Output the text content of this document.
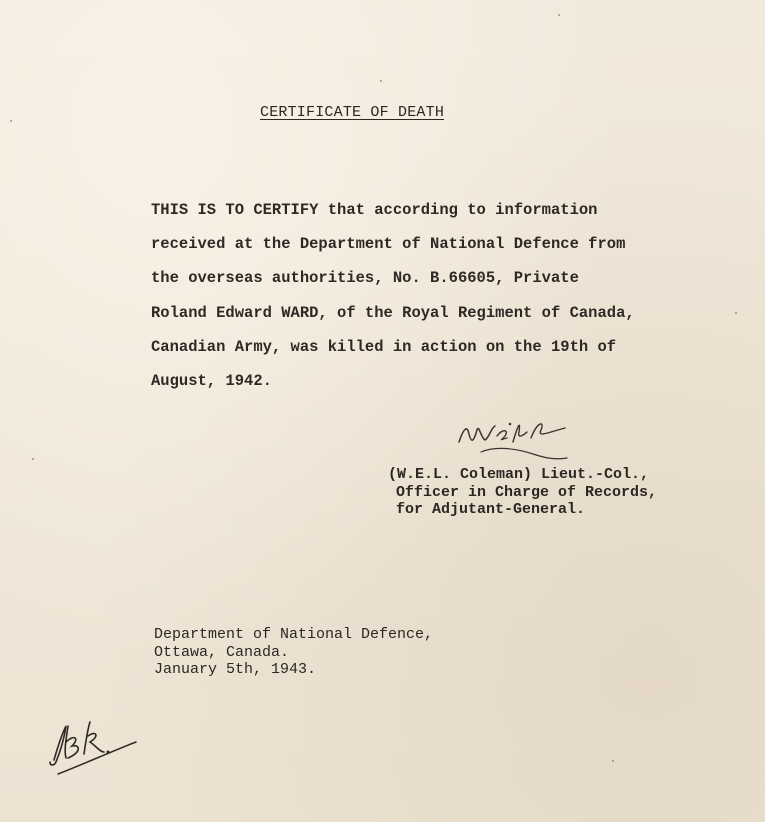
CERTIFICATE OF DEATH
THIS IS TO CERTIFY that according to information
received at the Department of National Defence from
the overseas authorities, No. B.66605, Private
Roland Edward WARD, of the Royal Regiment of Canada,
Canadian Army, was killed in action on the 19th of
August, 1942.
(W.E.L. Coleman) Lieut.-Col.,
Officer in Charge of Records,
for Adjutant-General.
Department of National Defence,
Ottawa, Canada.
January 5th, 1943.
